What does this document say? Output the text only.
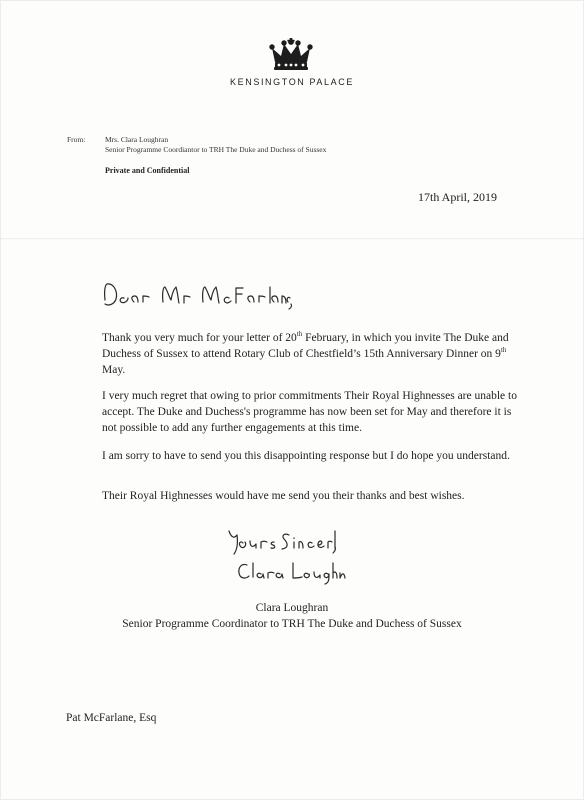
KENSINGTON PALACE
From:	Mrs. Clara Loughran
Senior Programme Coordiantor to TRH The Duke and Duchess of Sussex
Private and Confidential
17th April, 2019
Thank you very much for your letter of 20th February, in which you invite The Duke and Duchess of Sussex to attend Rotary Club of Chestfield’s 15th Anniversary Dinner on 9th May.
I very much regret that owing to prior commitments Their Royal Highnesses are unable to accept. The Duke and Duchess's programme has now been set for May and therefore it is not possible to add any further engagements at this time.
I am sorry to have to send you this disappointing response but I do hope you understand.
Their Royal Highnesses would have me send you their thanks and best wishes.
Clara Loughran
Senior Programme Coordinator to TRH The Duke and Duchess of Sussex
Pat McFarlane, Esq
